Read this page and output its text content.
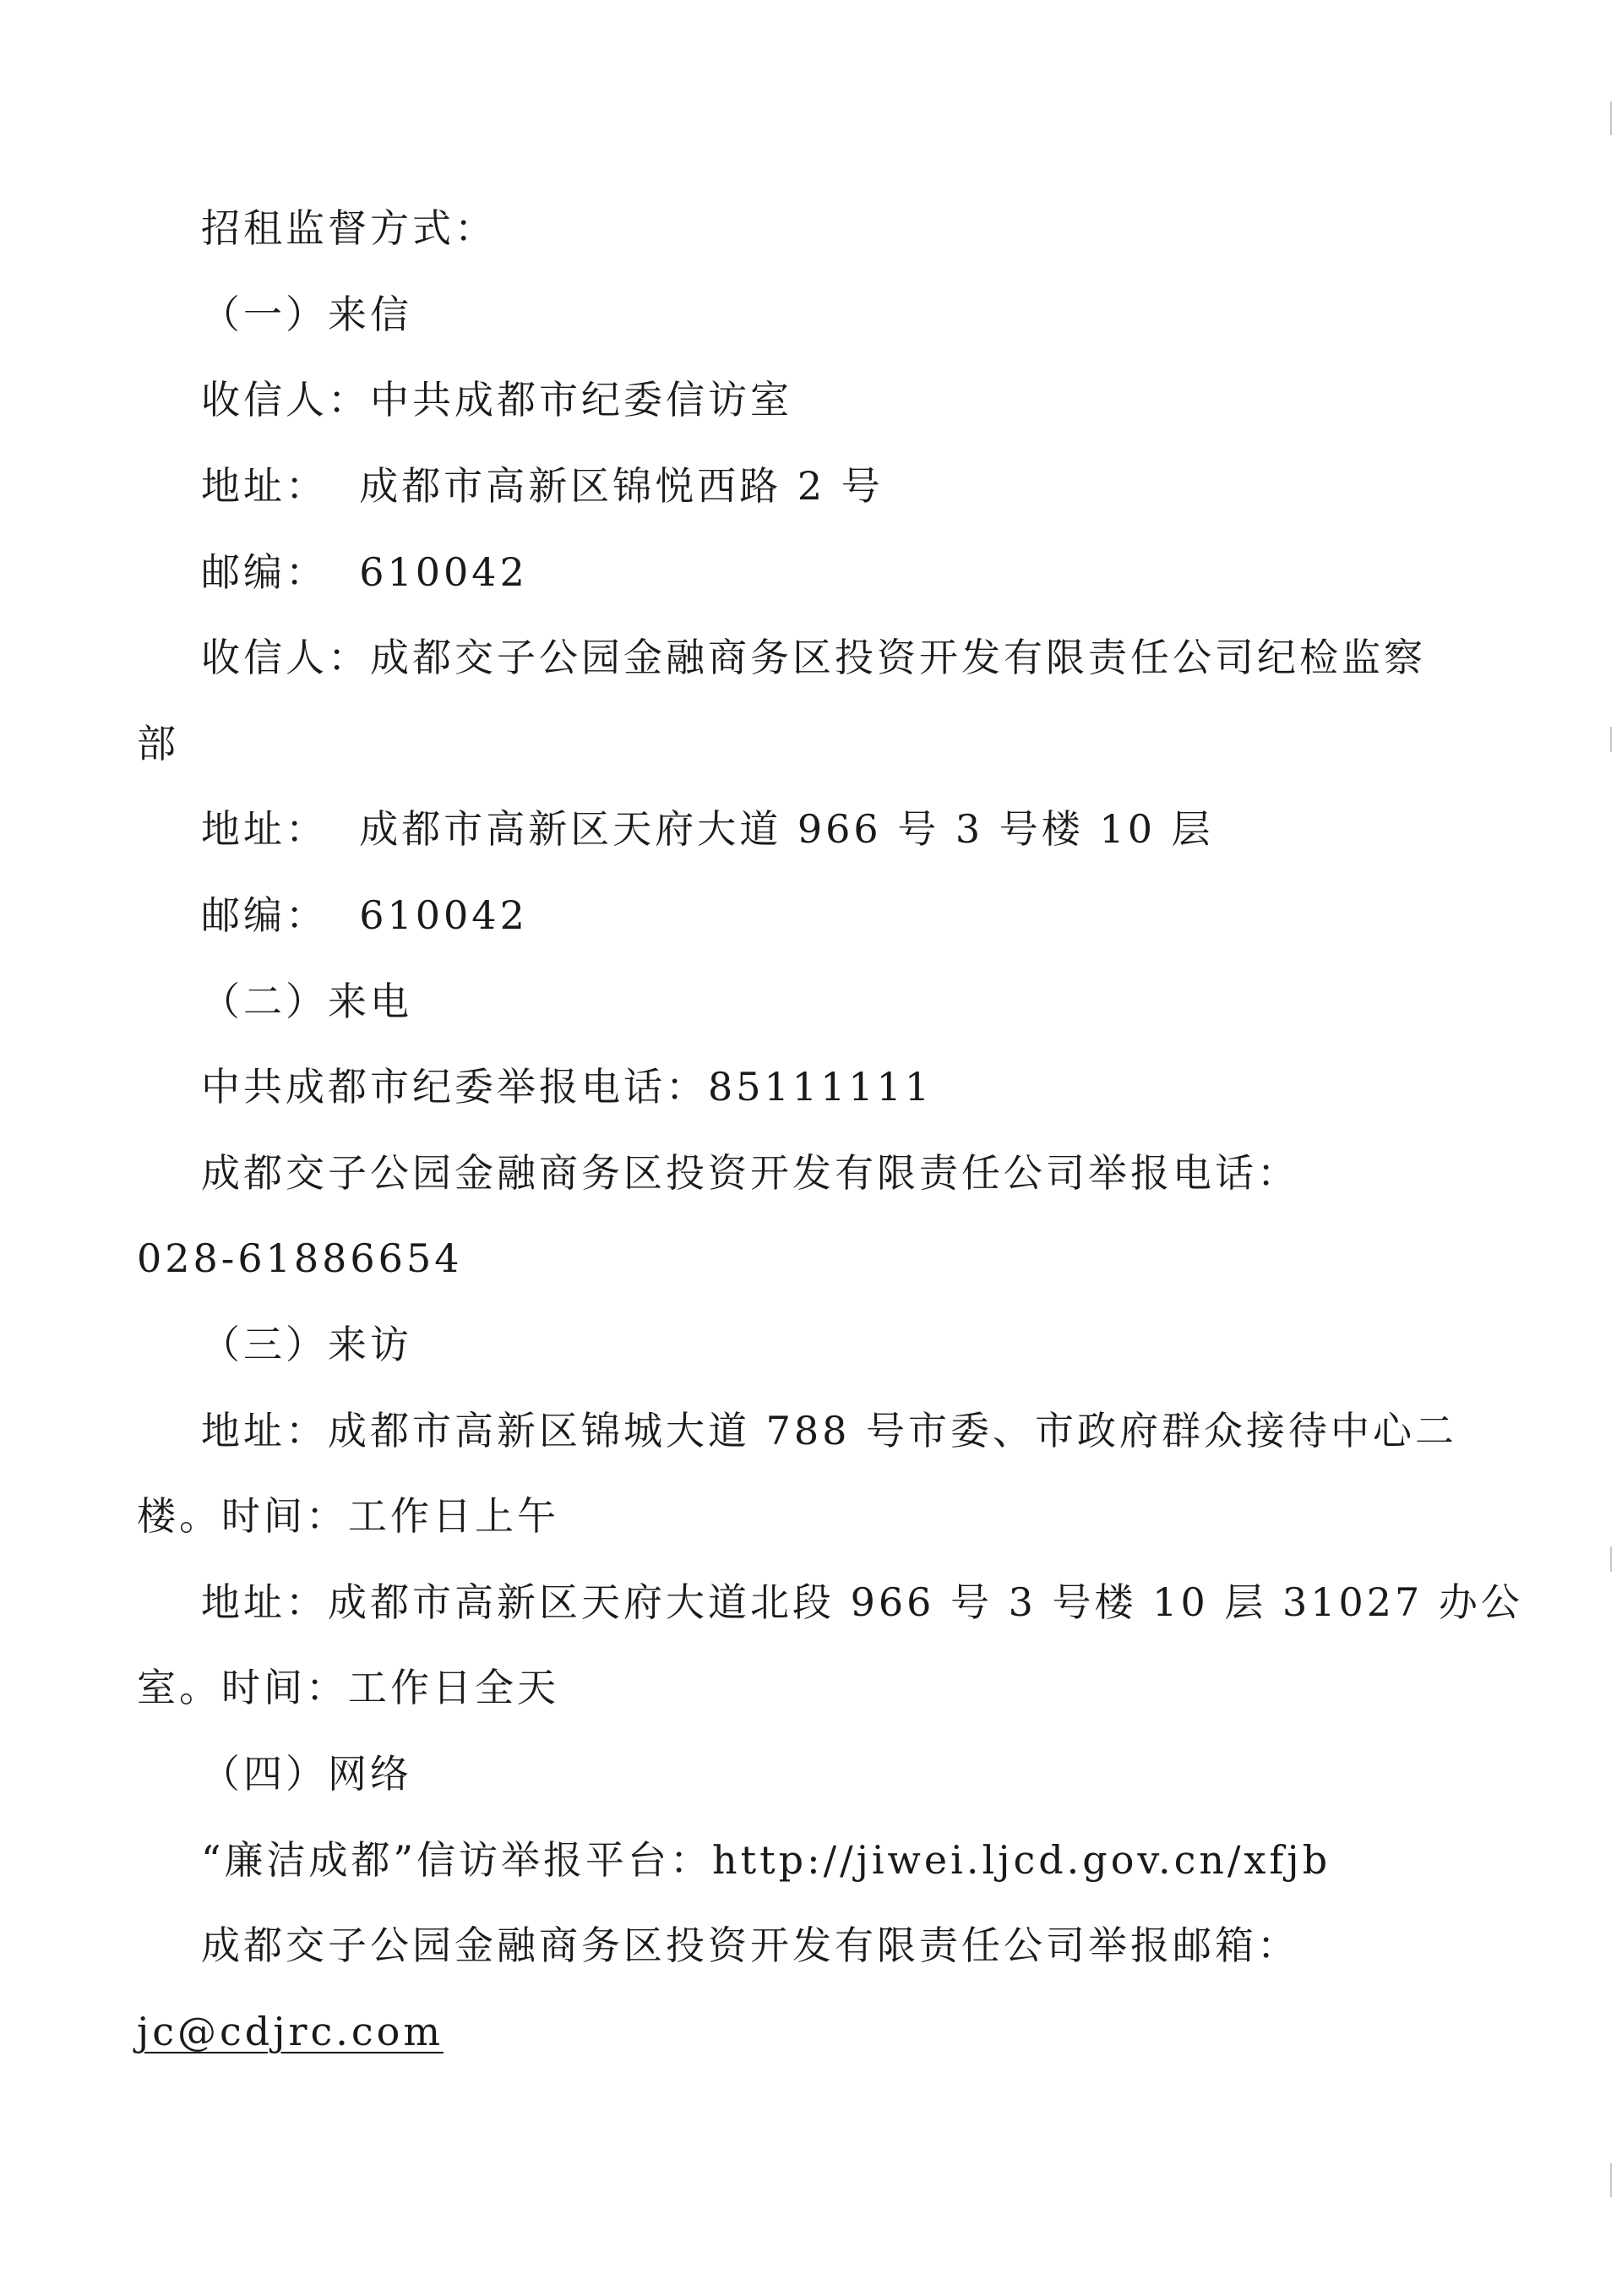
招租监督方式：
（一）来信
收信人：中共成都市纪委信访室
地址：  成都市高新区锦悦西路 2 号
邮编：  610042
收信人：成都交子公园金融商务区投资开发有限责任公司纪检监察
部
地址：  成都市高新区天府大道 966 号 3 号楼 10 层
邮编：  610042
（二）来电
中共成都市纪委举报电话：85111111
成都交子公园金融商务区投资开发有限责任公司举报电话：
028-61886654
（三）来访
地址：成都市高新区锦城大道 788 号市委、市政府群众接待中心二
楼。时间：工作日上午
地址：成都市高新区天府大道北段 966 号 3 号楼 10 层 31027 办公
室。时间：工作日全天
（四）网络
“廉洁成都”信访举报平台：http://jiwei.ljcd.gov.cn/xfjb
成都交子公园金融商务区投资开发有限责任公司举报邮箱：
jc@cdjrc.com
